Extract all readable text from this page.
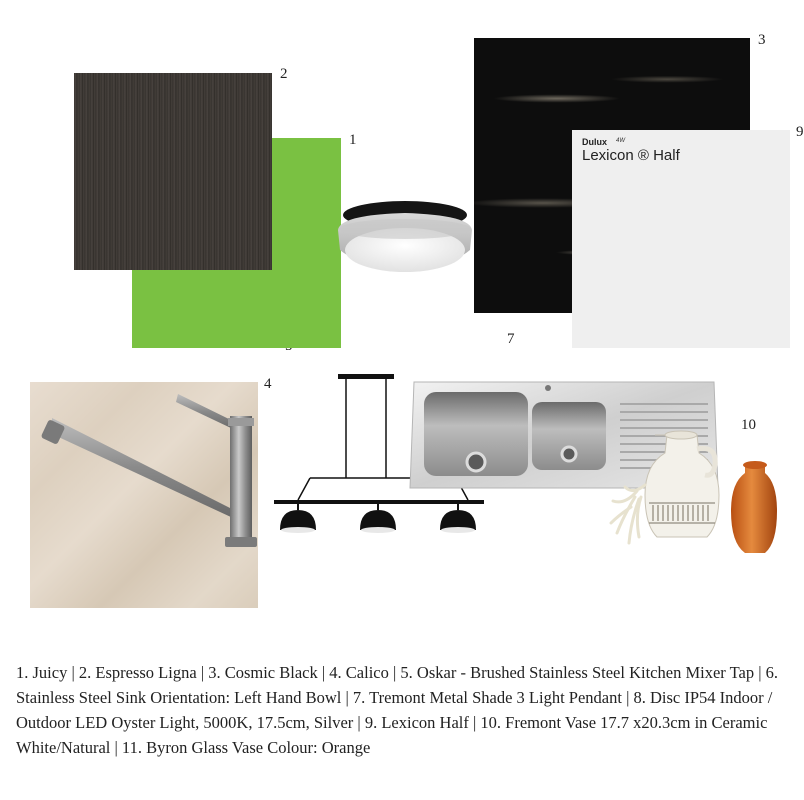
Dulux 4W
Lexicon ® Half
2
1
3
9
7
4
10
1. Juicy | 2. Espresso Ligna | 3. Cosmic Black | 4. Calico | 5. Oskar - Brushed Stainless Steel Kitchen Mixer Tap | 6. Stainless Steel Sink Orientation: Left Hand Bowl | 7. Tremont Metal Shade 3 Light Pendant | 8. Disc IP54 Indoor / Outdoor LED Oyster Light, 5000K, 17.5cm, Silver | 9. Lexicon Half | 10. Fremont Vase 17.7 x20.3cm in Ceramic White/Natural | 11. Byron Glass Vase Colour: Orange
